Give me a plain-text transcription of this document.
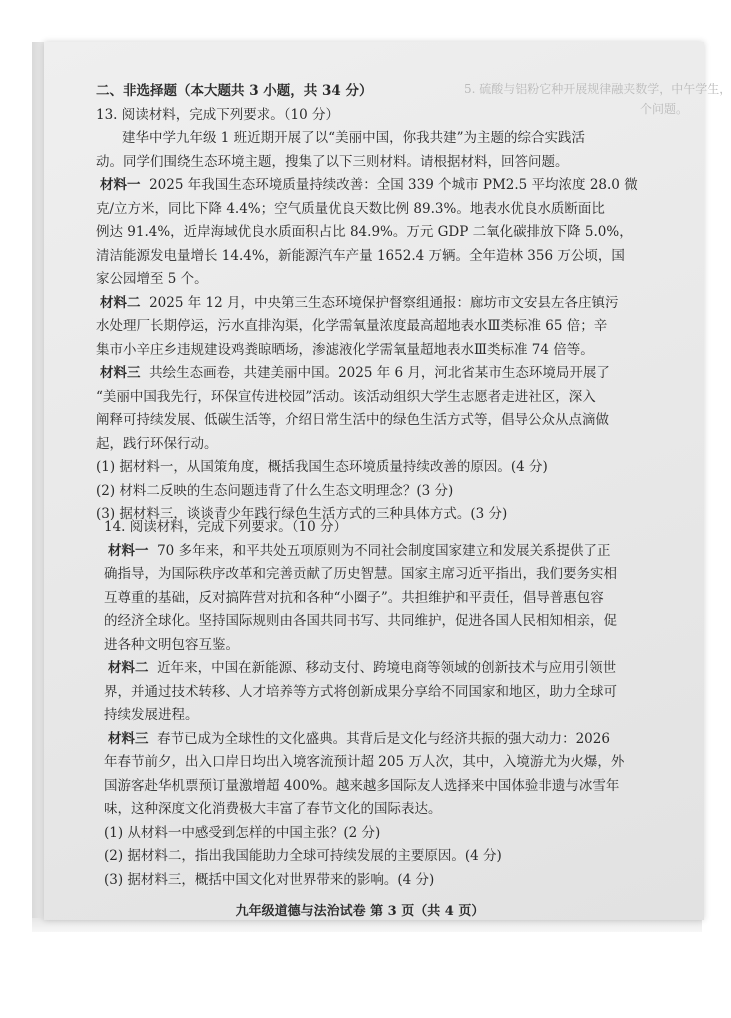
5. 硫酸与铝粉它种开展规律融夹数学，中午学生，
个问题。
二、非选择题（本大题共 3 小题，共 34 分）
13. 阅读材料，完成下列要求。（10 分）
建华中学九年级 1 班近期开展了以“美丽中国，你我共建”为主题的综合实践活
动。同学们围绕生态环境主题，搜集了以下三则材料。请根据材料，回答问题。
材料一 2025 年我国生态环境质量持续改善：全国 339 个城市 PM2.5 平均浓度 28.0 微
克/立方米，同比下降 4.4%；空气质量优良天数比例 89.3%。地表水优良水质断面比
例达 91.4%，近岸海域优良水质面积占比 84.9%。万元 GDP 二氧化碳排放下降 5.0%，
清洁能源发电量增长 14.4%，新能源汽车产量 1652.4 万辆。全年造林 356 万公顷，国
家公园增至 5 个。
材料二 2025 年 12 月，中央第三生态环境保护督察组通报：廊坊市文安县左各庄镇污
水处理厂长期停运，污水直排沟渠，化学需氧量浓度最高超地表水Ⅲ类标准 65 倍；辛
集市小辛庄乡违规建设鸡粪晾晒场，渗滤液化学需氧量超地表水Ⅲ类标准 74 倍等。
材料三 共绘生态画卷，共建美丽中国。2025 年 6 月，河北省某市生态环境局开展了
“美丽中国我先行，环保宣传进校园”活动。该活动组织大学生志愿者走进社区，深入
阐释可持续发展、低碳生活等，介绍日常生活中的绿色生活方式等，倡导公众从点滴做
起，践行环保行动。
(1) 据材料一，从国策角度，概括我国生态环境质量持续改善的原因。(4 分)
(2) 材料二反映的生态问题违背了什么生态文明理念？(3 分)
(3) 据材料三，谈谈青少年践行绿色生活方式的三种具体方式。(3 分)
14. 阅读材料，完成下列要求。（10 分）
材料一 70 多年来，和平共处五项原则为不同社会制度国家建立和发展关系提供了正
确指导，为国际秩序改革和完善贡献了历史智慧。国家主席习近平指出，我们要务实相
互尊重的基础，反对搞阵营对抗和各种“小圈子”。共担维护和平责任，倡导普惠包容
的经济全球化。坚持国际规则由各国共同书写、共同维护，促进各国人民相知相亲，促
进各种文明包容互鉴。
材料二 近年来，中国在新能源、移动支付、跨境电商等领域的创新技术与应用引领世
界，并通过技术转移、人才培养等方式将创新成果分享给不同国家和地区，助力全球可
持续发展进程。
材料三 春节已成为全球性的文化盛典。其背后是文化与经济共振的强大动力：2026
年春节前夕，出入口岸日均出入境客流预计超 205 万人次，其中，入境游尤为火爆，外
国游客赴华机票预订量激增超 400%。越来越多国际友人选择来中国体验非遗与冰雪年
味，这种深度文化消费极大丰富了春节文化的国际表达。
(1) 从材料一中感受到怎样的中国主张？(2 分)
(2) 据材料二，指出我国能助力全球可持续发展的主要原因。(4 分)
(3) 据材料三，概括中国文化对世界带来的影响。(4 分)
九年级道德与法治试卷 第 3 页（共 4 页）
